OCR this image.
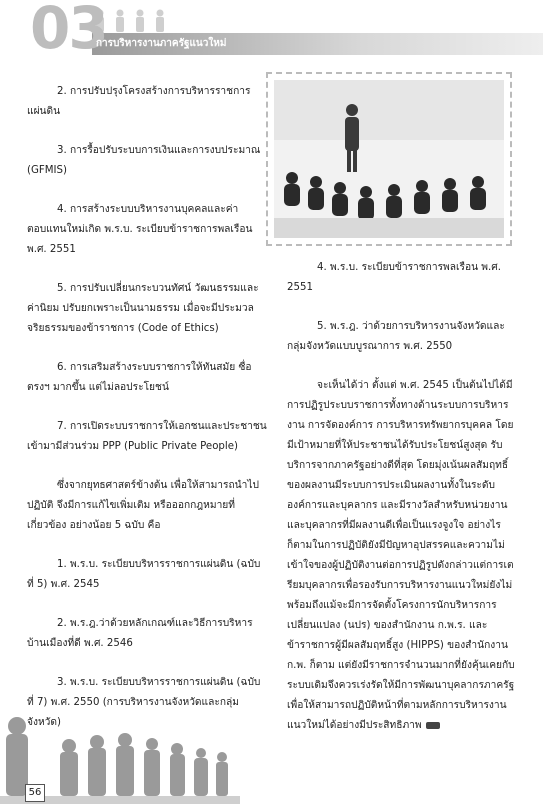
03
การบริหารงานภาครัฐแนวใหม่

2. การปรับปรุงโครงสร้างการบริหารราชการแผ่นดิน

3. การรื้อปรับระบบการเงินและการงบประมาณ (GFMIS)

4. การสร้างระบบบริหารงานบุคคลและค่าตอบแทนใหม่เกิด พ.ร.บ. ระเบียบข้าราชการพลเรือน พ.ศ. 2551

5. การปรับเปลี่ยนกระบวนทัศน์ วัฒนธรรมและค่านิยม ปรับยกเพราะเป็นนามธรรม เมื่อจะมีประมวลจริยธรรมของข้าราชการ (Code of Ethics)

6. การเสริมสร้างระบบราชการให้ทันสมัย ซื่อตรงฯ มากขึ้น แต่ไม่ลอประโยชน์

7. การเปิดระบบราชการให้เอกชนและประชาชนเข้ามามีส่วนร่วม PPP (Public Private People)

ซึ่งจากยุทธศาสตร์ข้างต้น เพื่อให้สามารถนำไปปฏิบัติ จึงมีการแก้ไขเพิ่มเติม หรือออกกฎหมายที่เกี่ยวข้อง อย่างน้อย 5 ฉบับ คือ

1. พ.ร.บ. ระเบียบบริหารราชการแผ่นดิน (ฉบับที่ 5) พ.ศ. 2545

2. พ.ร.ฎ.ว่าด้วยหลักเกณฑ์และวิธีการบริหารบ้านเมืองที่ดี พ.ศ. 2546

3. พ.ร.บ. ระเบียบบริหารราชการแผ่นดิน (ฉบับที่ 7) พ.ศ. 2550 (การบริหารงานจังหวัดและกลุ่มจังหวัด)

4. พ.ร.บ. ระเบียบข้าราชการพลเรือน พ.ศ. 2551

5. พ.ร.ฎ. ว่าด้วยการบริหารงานจังหวัดและกลุ่มจังหวัดแบบบูรณาการ พ.ศ. 2550

จะเห็นได้ว่า ตั้งแต่ พ.ศ. 2545 เป็นต้นไปได้มีการปฏิรูประบบราชการทั้งทางด้านระบบการบริหารงาน การจัดองค์การ การบริหารทรัพยากรบุคคล โดยมีเป้าหมายที่ให้ประชาชนได้รับประโยชน์สูงสุด รับบริการจากภาครัฐอย่างดีที่สุด โดยมุ่งเน้นผลสัมฤทธิ์ของผลงานมีระบบการประเมินผลงานทั้งในระดับองค์การและบุคลากร และมีรางวัลสำหรับหน่วยงาน และบุคลากรที่มีผลงานดีเพื่อเป็นแรงจูงใจ อย่างไรก็ตามในการปฏิบัติยังมีปัญหาอุปสรรคและความไม่เข้าใจของผู้ปฏิบัติงานต่อการปฏิรูปดังกล่าวแต่การเตรียมบุคลากรเพื่อรองรับการบริหารงานแนวใหม่ยังไม่พร้อมถึงแม้จะมีการจัดตั้งโครงการนักบริหารการเปลี่ยนแปลง (นปร) ของสำนักงาน ก.พ.ร. และข้าราชการผู้มีผลสัมฤทธิ์สูง (HIPPS) ของสำนักงาน ก.พ. ก็ตาม แต่ยังมีราชการจำนวนมากที่ยังคุ้นเคยกับระบบเดิมจึงควรเร่งรัดให้มีการพัฒนาบุคลากรภาครัฐเพื่อให้สามารถปฏิบัติหน้าที่ตามหลักการบริหารงานแนวใหม่ได้อย่างมีประสิทธิภาพ

56
